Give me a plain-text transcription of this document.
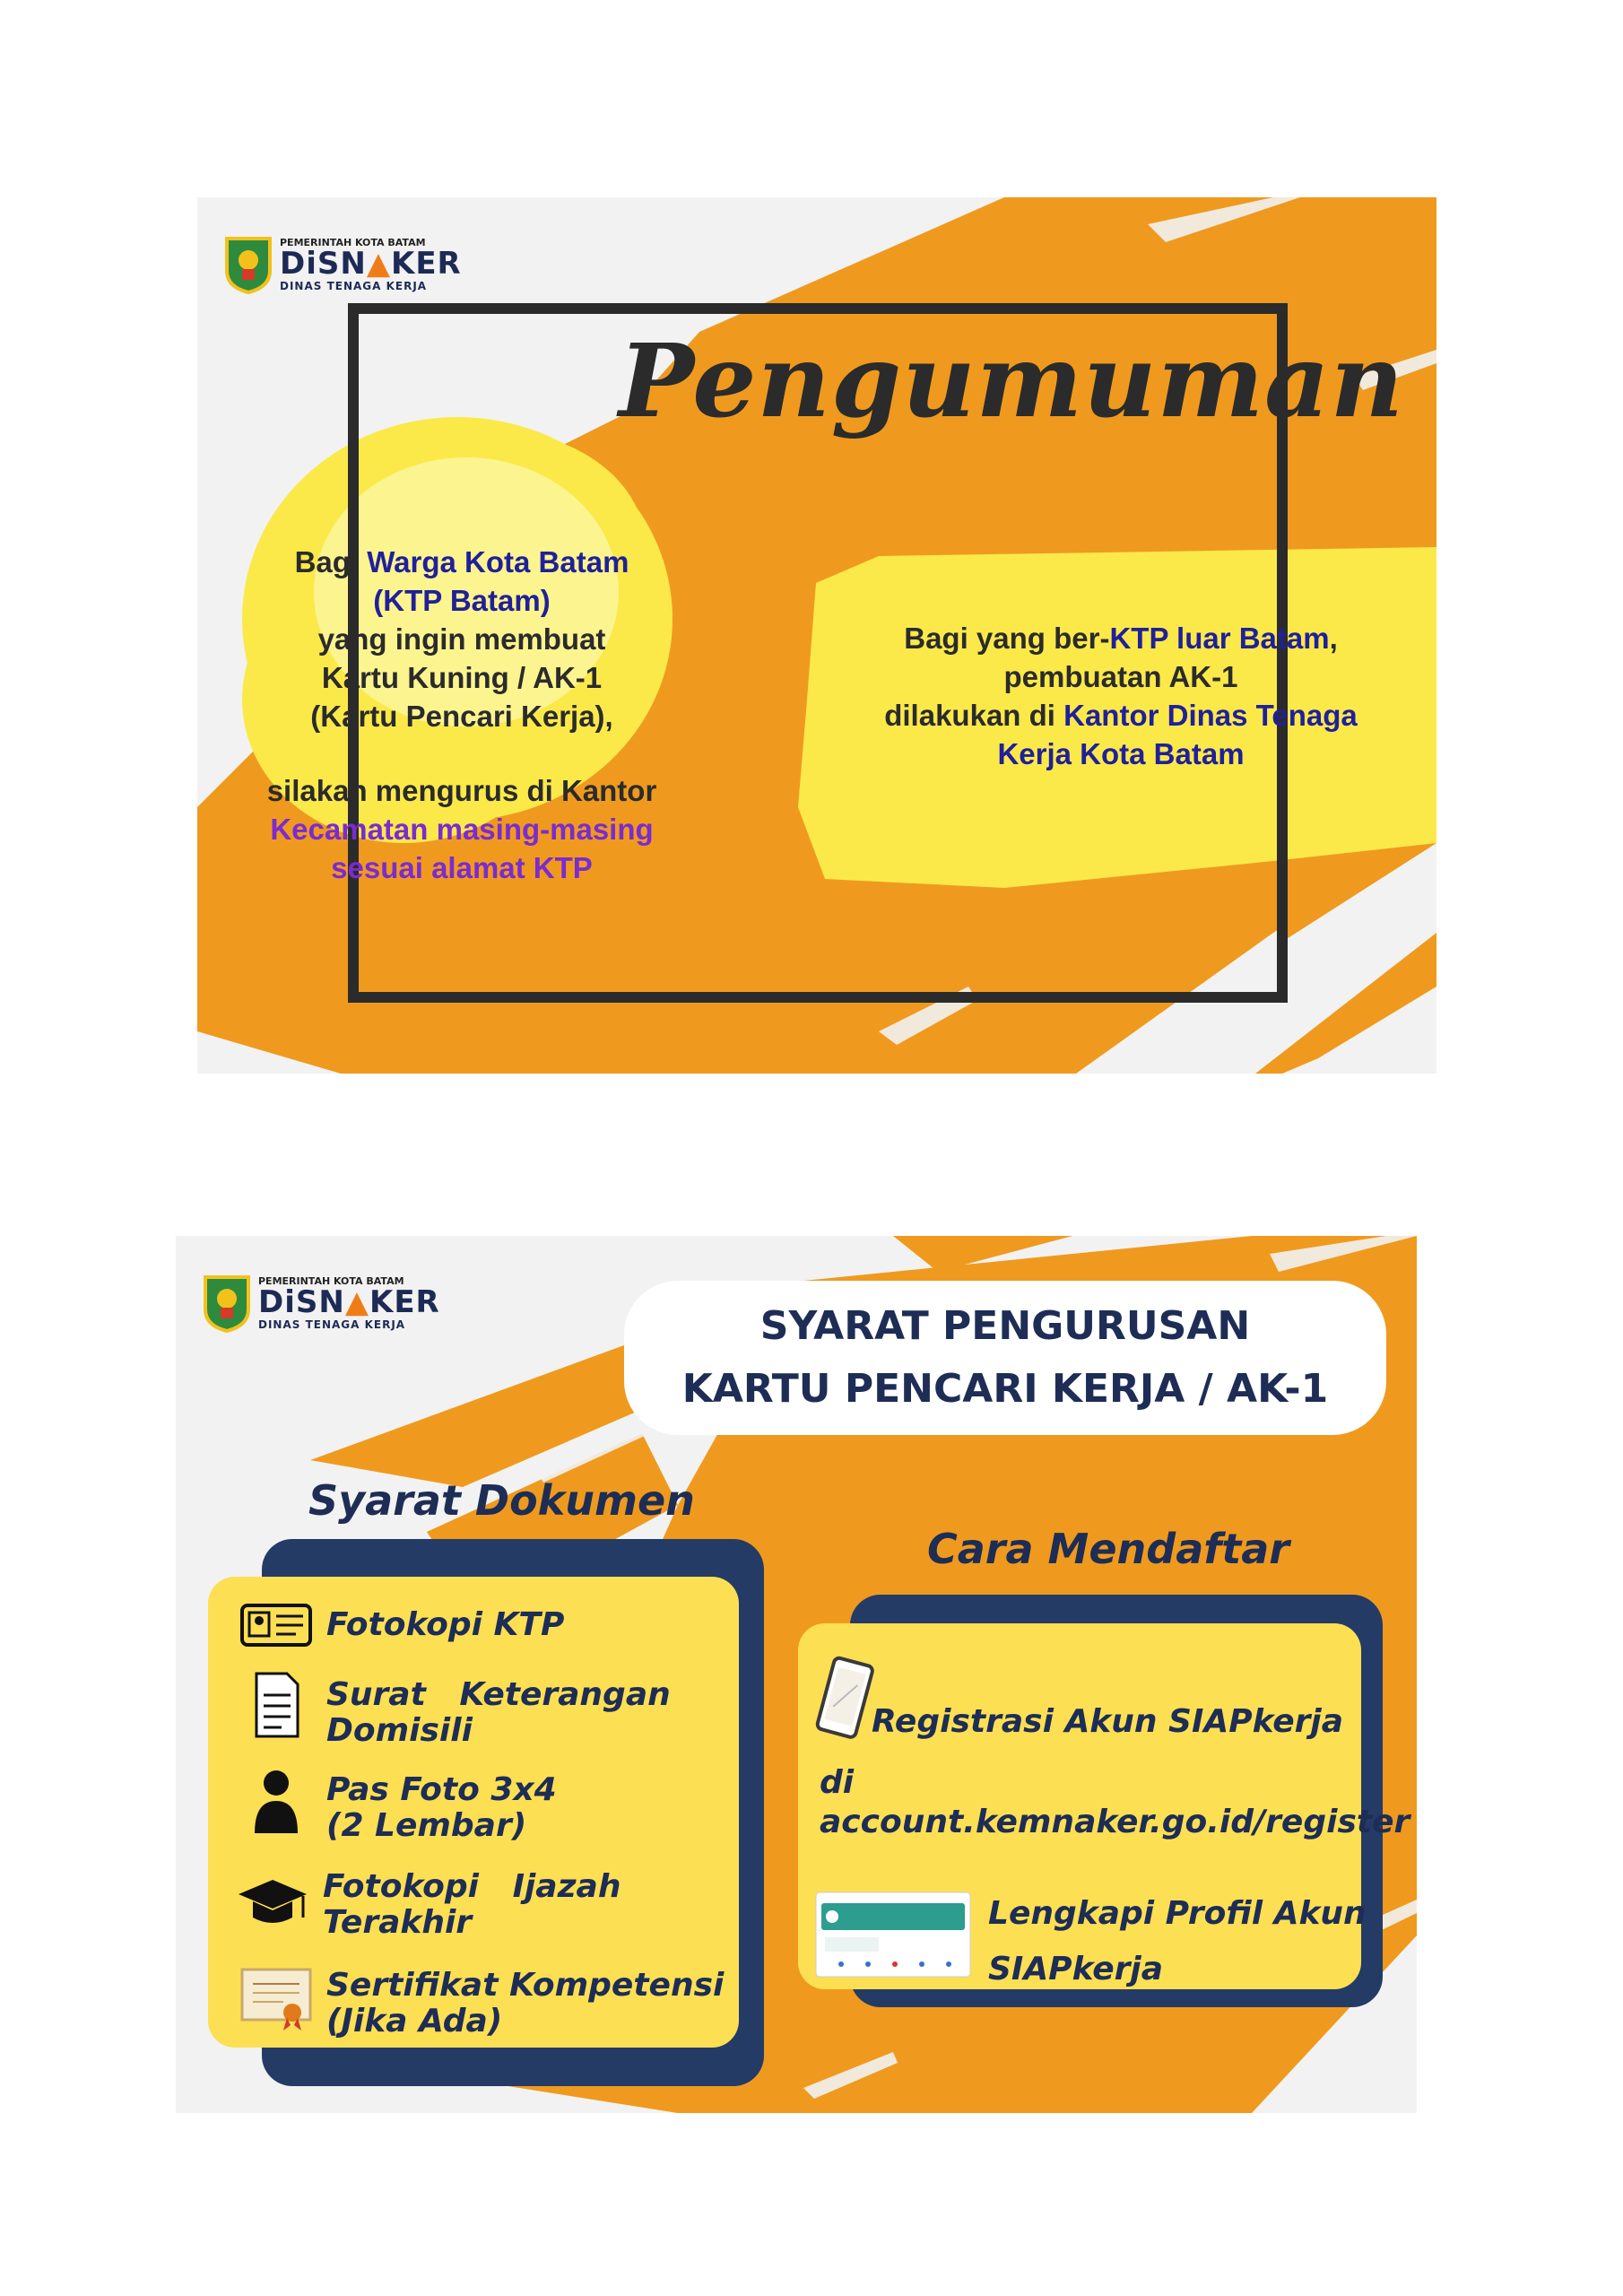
PEMERINTAH KOTA BATAM
DiSN▲KER
DINAS TENAGA KERJA
Pengumuman
Bagi Warga Kota Batam
(KTP Batam)
yang ingin membuat
Kartu Kuning / AK-1
(Kartu Pencari Kerja),
silakan mengurus di Kantor
Kecamatan masing-masing
sesuai alamat KTP
Bagi yang ber-KTP luar Batam,
pembuatan AK-1
dilakukan di Kantor Dinas Tenaga
Kerja Kota Batam
PEMERINTAH KOTA BATAM
DiSN▲KER
DINAS TENAGA KERJA	SYARAT PENGURUSAN
KARTU PENCARI KERJA / AK-1
Syarat Dokumen
Fotokopi KTP
Surat   Keterangan
Domisili
Pas Foto 3x4
(2 Lembar)
Fotokopi   Ijazah
Terakhir
Sertifikat Kompetensi
(Jika Ada)
Cara Mendaftar
Registrasi Akun SIAPkerja
di account.kemnaker.go.id/register
Lengkapi Profil Akun
SIAPkerja
